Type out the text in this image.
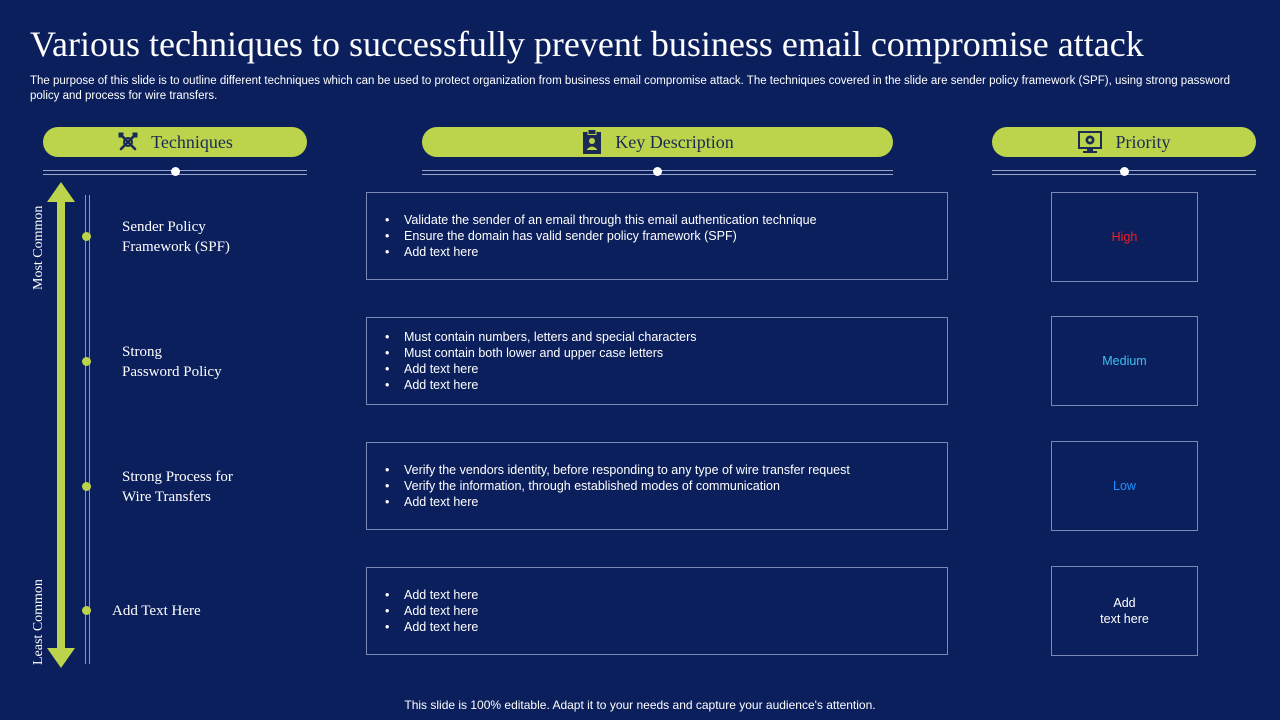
Various techniques to successfully prevent business email compromise attack
The purpose of this slide is to outline different techniques which can be used to protect organization from business email compromise attack. The techniques covered in the slide are sender policy framework (SPF), using strong password policy and process for wire transfers.
Techniques	Key Description	Priority
Most Common
Least Common
Sender Policy
Framework (SPF)
Strong
Password Policy
Strong Process for
Wire Transfers
Add Text Here
• Validate the sender of an email through this email authentication technique
• Ensure the domain has valid sender policy framework (SPF)
• Add text here
• Must contain numbers, letters and special characters
• Must contain both lower and upper case letters
• Add text here
• Add text here
• Verify the vendors identity, before responding to any type of wire transfer request
• Verify the information, through established modes of communication
• Add text here
• Add text here
• Add text here
• Add text here
High
Medium
Low
Add
text here
This slide is 100% editable. Adapt it to your needs and capture your audience's attention.
